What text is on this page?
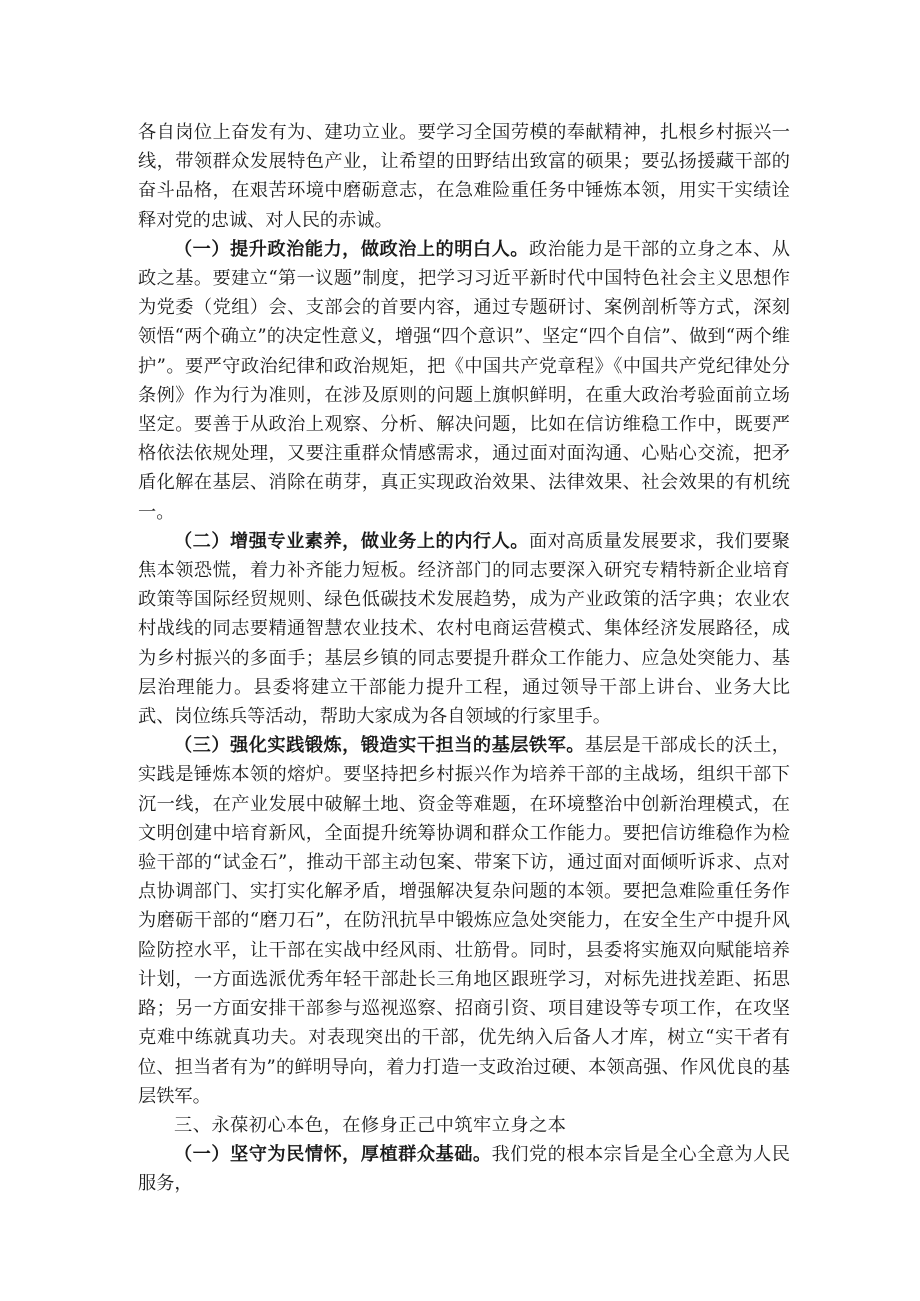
各自岗位上奋发有为、建功立业。要学习全国劳模的奉献精神，扎根乡村振兴一线，带领群众发展特色产业，让希望的田野结出致富的硕果；要弘扬援藏干部的奋斗品格，在艰苦环境中磨砺意志，在急难险重任务中锤炼本领，用实干实绩诠释对党的忠诚、对人民的赤诚。

（一）提升政治能力，做政治上的明白人。政治能力是干部的立身之本、从政之基。要建立“第一议题”制度，把学习习近平新时代中国特色社会主义思想作为党委（党组）会、支部会的首要内容，通过专题研讨、案例剖析等方式，深刻领悟“两个确立”的决定性意义，增强“四个意识”、坚定“四个自信”、做到“两个维护”。要严守政治纪律和政治规矩，把《中国共产党章程》《中国共产党纪律处分条例》作为行为准则，在涉及原则的问题上旗帜鲜明，在重大政治考验面前立场坚定。要善于从政治上观察、分析、解决问题，比如在信访维稳工作中，既要严格依法依规处理，又要注重群众情感需求，通过面对面沟通、心贴心交流，把矛盾化解在基层、消除在萌芽，真正实现政治效果、法律效果、社会效果的有机统一。

（二）增强专业素养，做业务上的内行人。面对高质量发展要求，我们要聚焦本领恐慌，着力补齐能力短板。经济部门的同志要深入研究专精特新企业培育政策等国际经贸规则、绿色低碳技术发展趋势，成为产业政策的活字典；农业农村战线的同志要精通智慧农业技术、农村电商运营模式、集体经济发展路径，成为乡村振兴的多面手；基层乡镇的同志要提升群众工作能力、应急处突能力、基层治理能力。县委将建立干部能力提升工程，通过领导干部上讲台、业务大比武、岗位练兵等活动，帮助大家成为各自领域的行家里手。

（三）强化实践锻炼，锻造实干担当的基层铁军。基层是干部成长的沃土，实践是锤炼本领的熔炉。要坚持把乡村振兴作为培养干部的主战场，组织干部下沉一线，在产业发展中破解土地、资金等难题，在环境整治中创新治理模式，在文明创建中培育新风，全面提升统筹协调和群众工作能力。要把信访维稳作为检验干部的“试金石”，推动干部主动包案、带案下访，通过面对面倾听诉求、点对点协调部门、实打实化解矛盾，增强解决复杂问题的本领。要把急难险重任务作为磨砺干部的“磨刀石”，在防汛抗旱中锻炼应急处突能力，在安全生产中提升风险防控水平，让干部在实战中经风雨、壮筋骨。同时，县委将实施双向赋能培养计划，一方面选派优秀年轻干部赴长三角地区跟班学习，对标先进找差距、拓思路；另一方面安排干部参与巡视巡察、招商引资、项目建设等专项工作，在攻坚克难中练就真功夫。对表现突出的干部，优先纳入后备人才库，树立“实干者有位、担当者有为”的鲜明导向，着力打造一支政治过硬、本领高强、作风优良的基层铁军。

三、永葆初心本色，在修身正己中筑牢立身之本

（一）坚守为民情怀，厚植群众基础。我们党的根本宗旨是全心全意为人民服务，
